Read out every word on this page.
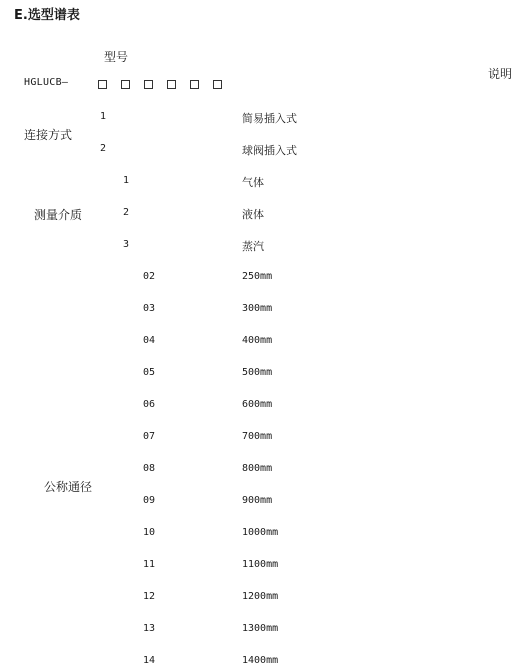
E.选型谱表
型号
说明
HGLUCB—
连接方式
1	简易插入式
2	球阀插入式
测量介质
1	气体
2	液体
3	蒸汽
公称通径
02	250mm
03	300mm
04	400mm
05	500mm
06	600mm
07	700mm
08	800mm
09	900mm
10	1000mm
11	1100mm
12	1200mm
13	1300mm
14	1400mm
